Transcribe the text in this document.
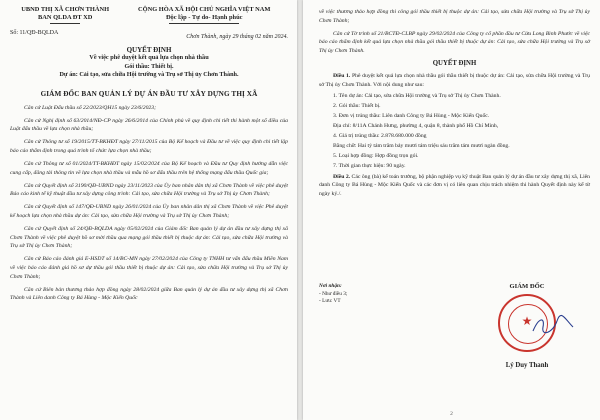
UBND THỊ XÃ CHƠN THÀNH
BAN QLDA ĐT XD
CỘNG HÒA XÃ HỘI CHỦ NGHĨA VIỆT NAM
Độc lập - Tự do- Hạnh phúc
Số: 11/QĐ-BQLDA
Chơn Thành, ngày 29 tháng 02 năm 2024.
QUYẾT ĐỊNH
Về việc phê duyệt kết quả lựa chọn nhà thầu
Gói thầu: Thiết bị.
Dự án: Cải tạo, sửa chữa Hội trường và Trụ sở Thị ủy Chơn Thành.
GIÁM ĐỐC BAN QUẢN LÝ DỰ ÁN ĐẦU TƯ XÂY DỰNG THỊ XÃ

Căn cứ Luật Đấu thầu số 22/2023/QH15 ngày 23/6/2023;

Căn cứ Nghị định số 63/2014/NĐ-CP ngày 26/6/2014 của Chính phủ về quy định chi tiết thi hành một số điều của Luật đấu thầu về lựa chọn nhà thầu;

Căn cứ Thông tư số 19/2015/TT-BKHĐT ngày 27/11/2015 của Bộ Kế hoạch và Đầu tư về việc quy định chi tiết lập báo cáo thẩm định trong quá trình tổ chức lựa chọn nhà thầu;

Căn cứ Thông tư số 01/2024/TT-BKHĐT ngày 15/02/2024 của Bộ Kế hoạch và Đầu tư Quy định hướng dẫn việc cung cấp, đăng tải thông tin về lựa chọn nhà thầu và mẫu hồ sơ đấu thầu trên hệ thống mạng đấu thầu Quốc gia;

Căn cứ Quyết định số 3190/QĐ-UBND ngày 23/11/2023 của Ủy ban nhân dân thị xã Chơn Thành về việc phê duyệt Báo cáo kinh tế kỹ thuật đầu tư xây dựng công trình: Cải tạo, sửa chữa Hội trường và Trụ sở Thị ủy Chơn Thành;

Căn cứ Quyết định số 147/QĐ-UBND ngày 26/01/2024 của Ủy ban nhân dân thị xã Chơn Thành về việc Phê duyệt kế hoạch lựa chọn nhà thầu dự án: Cải tạo, sửa chữa Hội trường và Trụ sở Thị ủy Chơn Thành;

Căn cứ Quyết định số 24/QĐ-BQLDA ngày 05/02/2024 của Giám đốc Ban quản lý dự án đầu tư xây dựng thị xã Chơn Thành về việc phê duyệt hồ sơ mời thầu qua mạng gói thầu thiết bị thuộc dự án: Cải tạo, sửa chữa Hội trường và Trụ sở Thị ủy Chơn Thành;

Căn cứ Báo cáo đánh giá E-HSDT số 14/BC-MN ngày 27/02/2024 của Công ty TNHH tư vấn đấu thầu Miền Nam về việc báo cáo đánh giá hồ sơ dự thầu gói thầu thiết bị thuộc dự án: Cải tạo, sửa chữa Hội trường và Trụ sở Thị ủy Chơn Thành;

Căn cứ Biên bản thương thảo hợp đồng ngày 28/02/2024 giữa Ban quản lý dự án đầu tư xây dựng thị xã Chơn Thành và Liên danh Công ty Bá Hùng - Mộc Kiến Quốc

về việc thương thảo hợp đồng thi công gói thầu thiết bị thuộc dự án: Cải tạo, sửa chữa Hội trường và Trụ sở Thị ủy Chơn Thành;

Căn cứ Tờ trình số 21/BCTĐ-CLBP ngày 29/02/2024 của Công ty cổ phần đầu tư Cửu Long Bình Phước về việc báo cáo thẩm định kết quả lựa chọn nhà thầu gói thầu thiết bị thuộc dự án: Cải tạo, sửa chữa Hội trường và Trụ sở Thị ủy Chơn Thành.

QUYẾT ĐỊNH

Điều 1. Phê duyệt kết quả lựa chọn nhà thầu gói thầu thiết bị thuộc dự án: Cải tạo, sửa chữa Hội trường và Trụ sở Thị ủy Chơn Thành. Với nội dung như sau:

1. Tên dự án: Cải tạo, sửa chữa Hội trường và Trụ sở Thị ủy Chơn Thành.
2. Gói thầu: Thiết bị.
3. Đơn vị trúng thầu: Liên danh Công ty Bá Hùng - Mộc Kiến Quốc.
Địa chỉ: 8/11A Chánh Hưng, phường 4, quận 8, thành phố Hồ Chí Minh,
4. Giá trị trúng thầu: 2.878.680.000 đồng
Bằng chữ: Hai tỷ tám trăm bảy mươi tám triệu sáu trăm tám mươi ngàn đồng.
5. Loại hợp đồng: Hợp đồng trọn gói.
7. Thời gian thực hiện: 90 ngày.

Điều 2. Các ông (bà) kế toán trưởng, bộ phận nghiệp vụ kỹ thuật Ban quản lý dự án đầu tư xây dựng thị xã, Liên danh Công ty Bá Hùng - Mộc Kiến Quốc và các đơn vị có liên quan chịu trách nhiệm thi hành Quyết định này kể từ ngày ký./.

Nơi nhận:
- Như điều 3;
- Lưu: VT
GIÁM ĐỐC
★
Lý Duy Thanh
2
